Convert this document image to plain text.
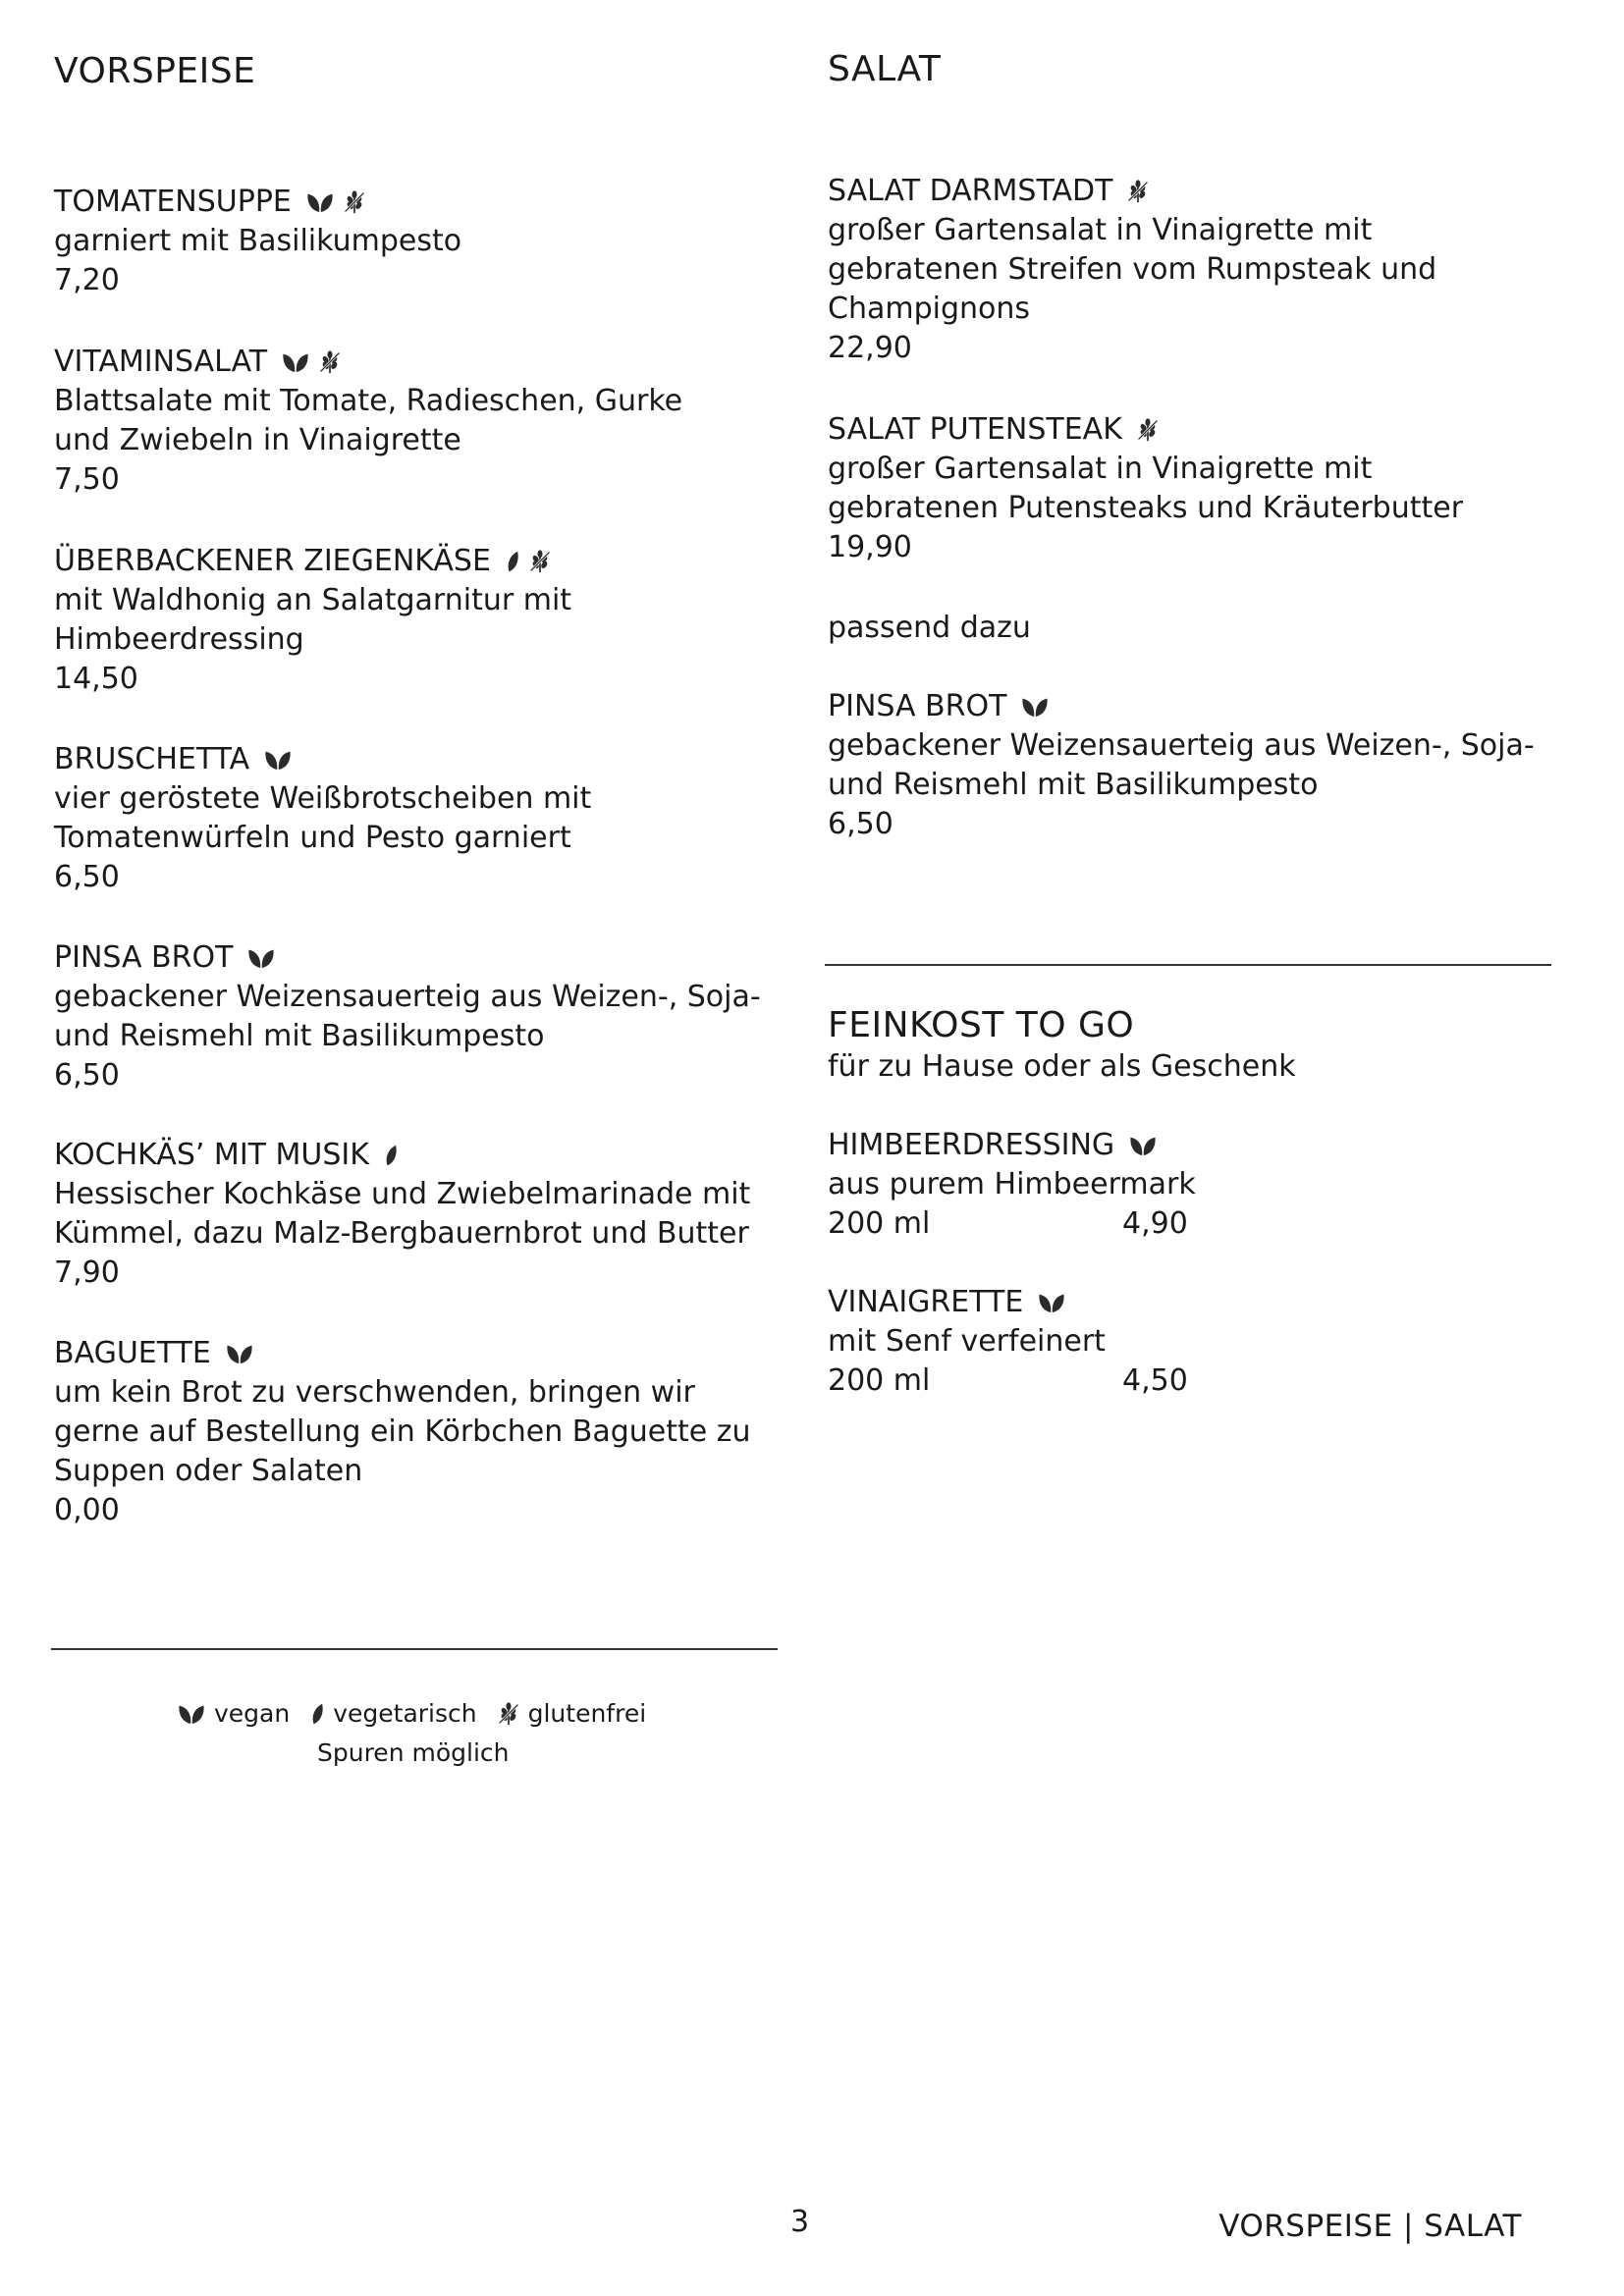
VORSPEISE
TOMATENSUPPE
garniert mit Basilikumpesto
7,20
VITAMINSALAT
Blattsalate mit Tomate, Radieschen, Gurke
und Zwiebeln in Vinaigrette
7,50
ÜBERBACKENER ZIEGENKÄSE
mit Waldhonig an Salatgarnitur mit
Himbeerdressing
14,50
BRUSCHETTA
vier geröstete Weißbrotscheiben mit
Tomatenwürfeln und Pesto garniert
6,50
PINSA BROT
gebackener Weizensauerteig aus Weizen-, Soja-
und Reismehl mit Basilikumpesto
6,50
KOCHKÄS’ MIT MUSIK
Hessischer Kochkäse und Zwiebelmarinade mit
Kümmel, dazu Malz-Bergbauernbrot und Butter
7,90
BAGUETTE
um kein Brot zu verschwenden, bringen wir
gerne auf Bestellung ein Körbchen Baguette zu
Suppen oder Salaten
0,00
SALAT
SALAT DARMSTADT
großer Gartensalat in Vinaigrette mit
gebratenen Streifen vom Rumpsteak und
Champignons
22,90
SALAT PUTENSTEAK
großer Gartensalat in Vinaigrette mit
gebratenen Putensteaks und Kräuterbutter
19,90
passend dazu
PINSA BROT
gebackener Weizensauerteig aus Weizen-, Soja-
und Reismehl mit Basilikumpesto
6,50
FEINKOST TO GO
für zu Hause oder als Geschenk
HIMBEERDRESSING
aus purem Himbeermark
200 ml	4,90
VINAIGRETTE
mit Senf verfeinert
200 ml	4,50
vegan vegetarisch glutenfrei
Spuren möglich
3	VORSPEISE | SALAT
